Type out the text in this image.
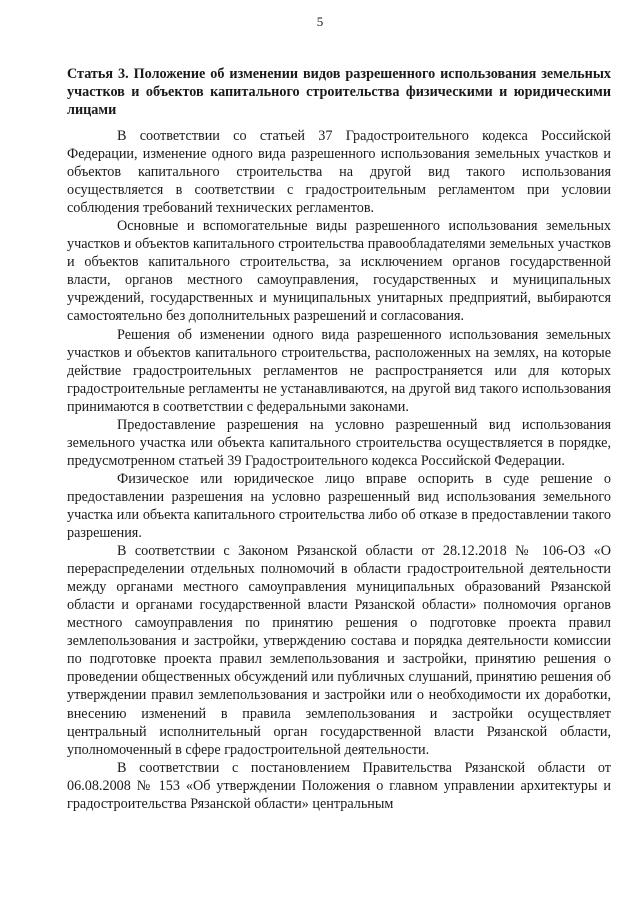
5
Статья 3. Положение об изменении видов разрешенного использования земельных участков и объектов капитального строительства физическими и юридическими лицами

В соответствии со статьей 37 Градостроительного кодекса Российской Федерации, изменение одного вида разрешенного использования земельных участков и объектов капитального строительства на другой вид такого использования осуществляется в соответствии с градостроительным регламентом при условии соблюдения требований технических регламентов.

Основные и вспомогательные виды разрешенного использования земельных участков и объектов капитального строительства правообладателями земельных участков и объектов капитального строительства, за исключением органов государственной власти, органов местного самоуправления, государственных и муниципальных учреждений, государственных и муниципальных унитарных предприятий, выбираются самостоятельно без дополнительных разрешений и согласования.

Решения об изменении одного вида разрешенного использования земельных участков и объектов капитального строительства, расположенных на землях, на которые действие градостроительных регламентов не распространяется или для которых градостроительные регламенты не устанавливаются, на другой вид такого использования принимаются в соответствии с федеральными законами.

Предоставление разрешения на условно разрешенный вид использования земельного участка или объекта капитального строительства осуществляется в порядке, предусмотренном статьей 39 Градостроительного кодекса Российской Федерации.

Физическое или юридическое лицо вправе оспорить в суде решение о предоставлении разрешения на условно разрешенный вид использования земельного участка или объекта капитального строительства либо об отказе в предоставлении такого разрешения.

В соответствии с Законом Рязанской области от 28.12.2018 № 106-ОЗ «О перераспределении отдельных полномочий в области градостроительной деятельности между органами местного самоуправления муниципальных образований Рязанской области и органами государственной власти Рязанской области» полномочия органов местного самоуправления по принятию решения о подготовке проекта правил землепользования и застройки, утверждению состава и порядка деятельности комиссии по подготовке проекта правил землепользования и застройки, принятию решения о проведении общественных обсуждений или публичных слушаний, принятию решения об утверждении правил землепользования и застройки или о необходимости их доработки, внесению изменений в правила землепользования и застройки осуществляет центральный исполнительный орган государственной власти Рязанской области, уполномоченный в сфере градостроительной деятельности.

В соответствии с постановлением Правительства Рязанской области от 06.08.2008 № 153 «Об утверждении Положения о главном управлении архитектуры и градостроительства Рязанской области» центральным
